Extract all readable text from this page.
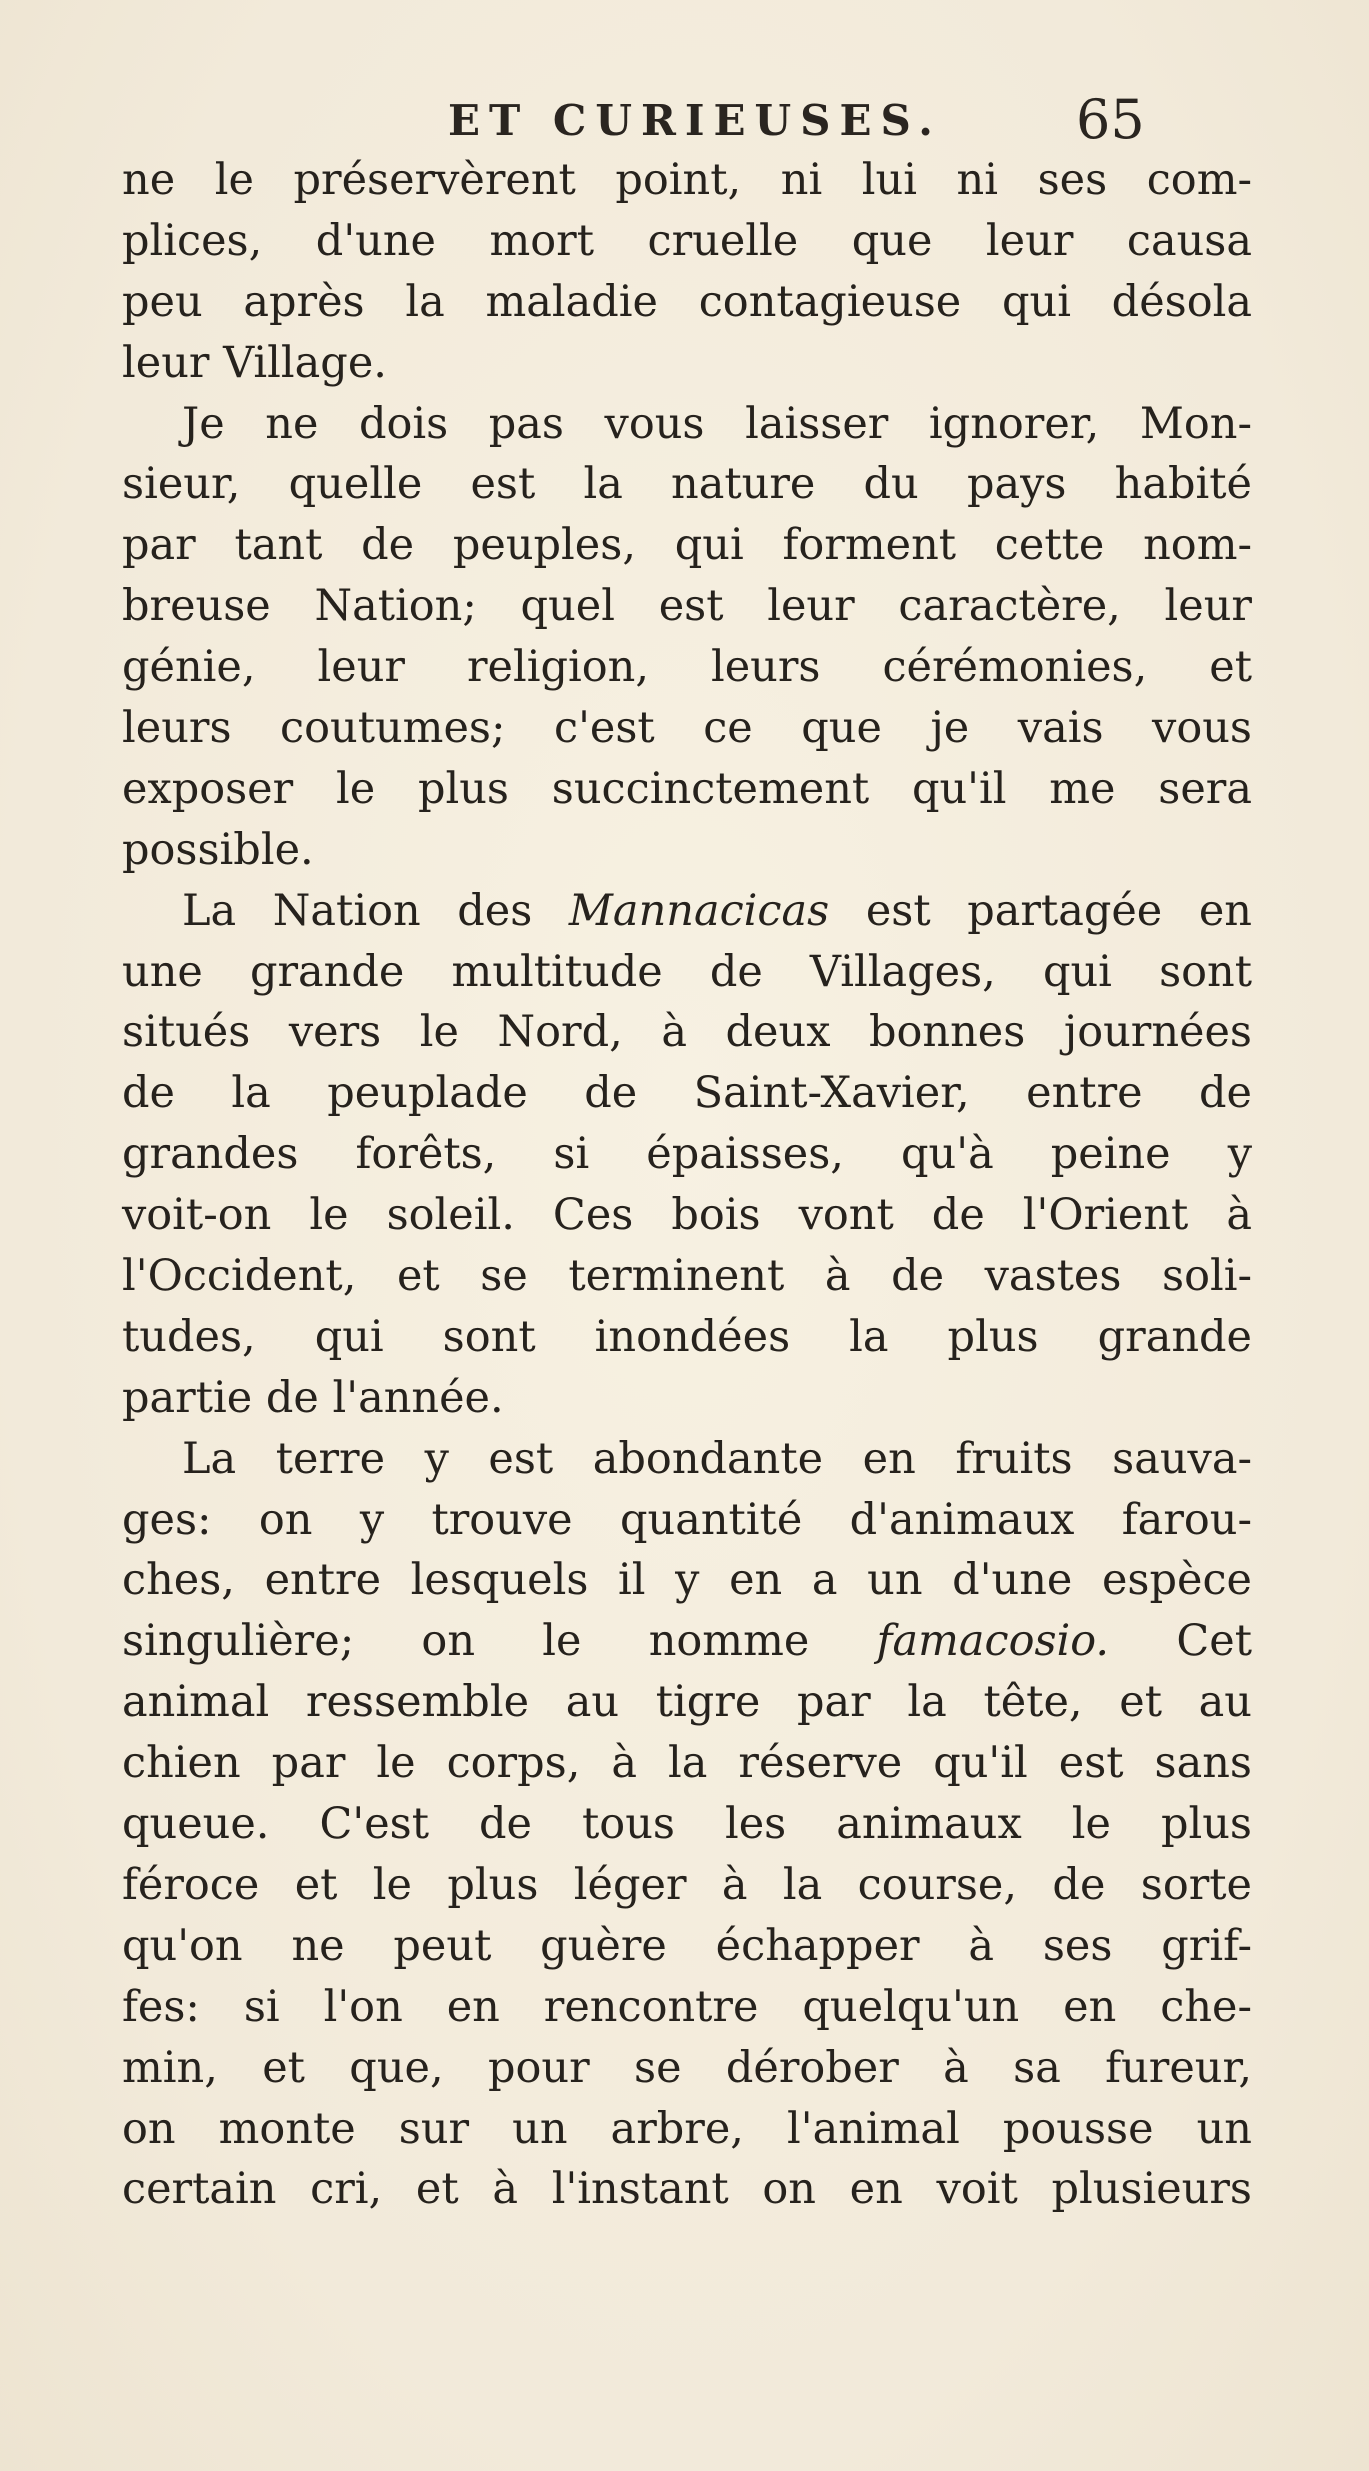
ET CURIEUSES. 65
ne le préservèrent point, ni lui ni ses com-
plices, d'une mort cruelle que leur causa
peu après la maladie contagieuse qui désola
leur Village.
Je ne dois pas vous laisser ignorer, Mon-
sieur, quelle est la nature du pays habité
par tant de peuples, qui forment cette nom-
breuse Nation; quel est leur caractère, leur
génie, leur religion, leurs cérémonies, et
leurs coutumes; c'est ce que je vais vous
exposer le plus succinctement qu'il me sera
possible.
La Nation des Mannacicas est partagée en
une grande multitude de Villages, qui sont
situés vers le Nord, à deux bonnes journées
de la peuplade de Saint-Xavier, entre de
grandes forêts, si épaisses, qu'à peine y
voit-on le soleil. Ces bois vont de l'Orient à
l'Occident, et se terminent à de vastes soli-
tudes, qui sont inondées la plus grande
partie de l'année.
La terre y est abondante en fruits sauva-
ges: on y trouve quantité d'animaux farou-
ches, entre lesquels il y en a un d'une espèce
singulière; on le nomme famacosio. Cet
animal ressemble au tigre par la tête, et au
chien par le corps, à la réserve qu'il est sans
queue. C'est de tous les animaux le plus
féroce et le plus léger à la course, de sorte
qu'on ne peut guère échapper à ses grif-
fes: si l'on en rencontre quelqu'un en che-
min, et que, pour se dérober à sa fureur,
on monte sur un arbre, l'animal pousse un
certain cri, et à l'instant on en voit plusieurs
